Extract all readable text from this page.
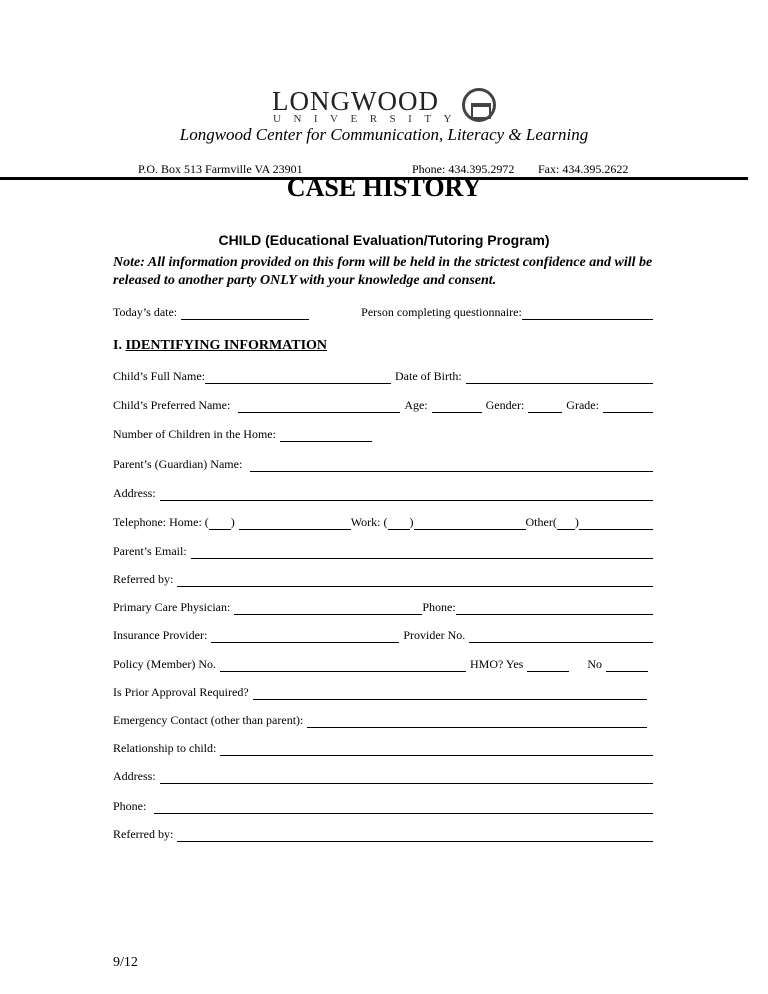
LONGWOOD
UNIVERSITY
Longwood Center for Communication, Literacy & Learning
P.O. Box 513 Farmville VA 23901	Phone: 434.395.2972 Fax: 434.395.2622
CASE HISTORY
CHILD (Educational Evaluation/Tutoring Program)
Note: All information provided on this form will be held in the strictest confidence and will be released to another party ONLY with your knowledge and consent.
Today’s date:	Person completing questionnaire:
I. IDENTIFYING INFORMATION
Child’s Full Name:	Date of Birth:
Child’s Preferred Name:	Age:	Gender:	Grade:
Number of Children in the Home:
Parent’s (Guardian) Name:
Address:
Telephone: Home: ( )	Work: ( )	Other( )
Parent’s Email:
Referred by:
Primary Care Physician:	Phone:
Insurance Provider:	Provider No.
Policy (Member) No.	HMO? Yes	No
Is Prior Approval Required?
Emergency Contact (other than parent):
Relationship to child:
Address:
Phone:
Referred by:
9/12
